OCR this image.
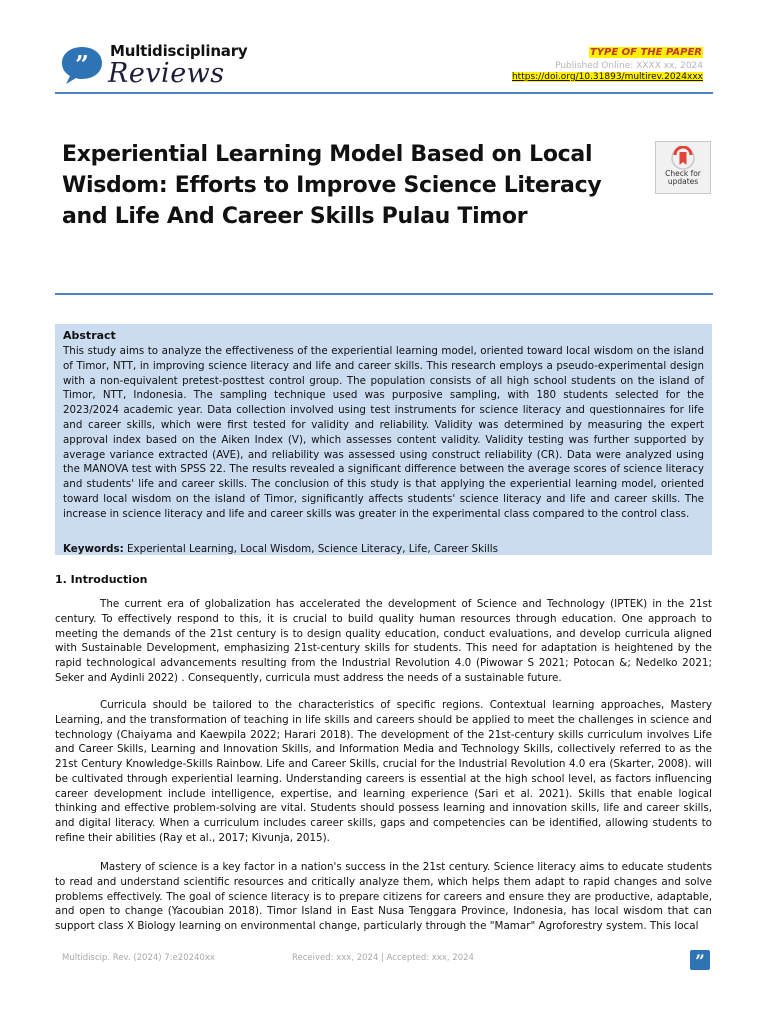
” Multidisciplinary
Reviews
TYPE OF THE PAPER
Published Online: XXXX xx, 2024
https://doi.org/10.31893/multirev.2024xxx
Experiential Learning Model Based on Local Wisdom: Efforts to Improve Science Literacy and Life And Career Skills Pulau Timor
Check for updates
Abstract
This study aims to analyze the effectiveness of the experiential learning model, oriented toward local wisdom on the island of Timor, NTT, in improving science literacy and life and career skills. This research employs a pseudo-experimental design with a non-equivalent pretest-posttest control group. The population consists of all high school students on the island of Timor, NTT, Indonesia. The sampling technique used was purposive sampling, with 180 students selected for the 2023/2024 academic year. Data collection involved using test instruments for science literacy and questionnaires for life and career skills, which were first tested for validity and reliability. Validity was determined by measuring the expert approval index based on the Aiken Index (V), which assesses content validity. Validity testing was further supported by average variance extracted (AVE), and reliability was assessed using construct reliability (CR). Data were analyzed using the MANOVA test with SPSS 22. The results revealed a significant difference between the average scores of science literacy and students' life and career skills. The conclusion of this study is that applying the experiential learning model, oriented toward local wisdom on the island of Timor, significantly affects students' science literacy and life and career skills. The increase in science literacy and life and career skills was greater in the experimental class compared to the control class.
Keywords: Experiental Learning, Local Wisdom, Science Literacy, Life, Career Skills
1. Introduction
The current era of globalization has accelerated the development of Science and Technology (IPTEK) in the 21st century. To effectively respond to this, it is crucial to build quality human resources through education. One approach to meeting the demands of the 21st century is to design quality education, conduct evaluations, and develop curricula aligned with Sustainable Development, emphasizing 21st-century skills for students. This need for adaptation is heightened by the rapid technological advancements resulting from the Industrial Revolution 4.0 (Piwowar S 2021; Potocan &; Nedelko 2021; Seker and Aydinli 2022) . Consequently, curricula must address the needs of a sustainable future.
Curricula should be tailored to the characteristics of specific regions. Contextual learning approaches, Mastery Learning, and the transformation of teaching in life skills and careers should be applied to meet the challenges in science and technology (Chaiyama and Kaewpila 2022; Harari 2018). The development of the 21st-century skills curriculum involves Life and Career Skills, Learning and Innovation Skills, and Information Media and Technology Skills, collectively referred to as the 21st Century Knowledge-Skills Rainbow. Life and Career Skills, crucial for the Industrial Revolution 4.0 era (Skarter, 2008). will be cultivated through experiential learning. Understanding careers is essential at the high school level, as factors influencing career development include intelligence, expertise, and learning experience (Sari et al. 2021). Skills that enable logical thinking and effective problem-solving are vital. Students should possess learning and innovation skills, life and career skills, and digital literacy. When a curriculum includes career skills, gaps and competencies can be identified, allowing students to refine their abilities (Ray et al., 2017; Kivunja, 2015).
Mastery of science is a key factor in a nation's success in the 21st century. Science literacy aims to educate students to read and understand scientific resources and critically analyze them, which helps them adapt to rapid changes and solve problems effectively. The goal of science literacy is to prepare citizens for careers and ensure they are productive, adaptable, and open to change (Yacoubian 2018). Timor Island in East Nusa Tenggara Province, Indonesia, has local wisdom that can support class X Biology learning on environmental change, particularly through the "Mamar" Agroforestry system. This local
Multidiscip. Rev. (2024) 7:e20240xx	Received: xxx, 2024 | Accepted: xxx, 2024	”
